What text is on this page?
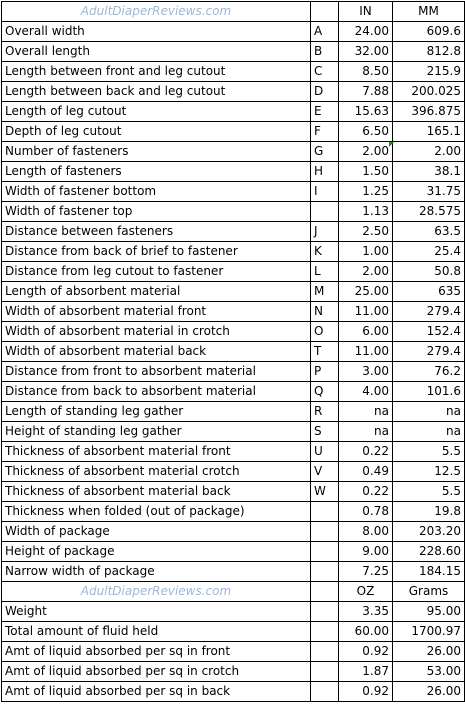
AdultDiaperReviews.com		IN	MM
Overall width	A	24.00	609.6
Overall length	B	32.00	812.8
Length between front and leg cutout	C	8.50	215.9
Length between back and leg cutout	D	7.88	200.025
Length of leg cutout	E	15.63	396.875
Depth of leg cutout	F	6.50	165.1
Number of fasteners	G	2.00	2.00
Length of fasteners	H	1.50	38.1
Width of fastener bottom	I	1.25	31.75
Width of fastener top		1.13	28.575
Distance between fasteners	J	2.50	63.5
Distance from back of brief to fastener	K	1.00	25.4
Distance from leg cutout to fastener	L	2.00	50.8
Length of absorbent material	M	25.00	635
Width of absorbent material front	N	11.00	279.4
Width of absorbent material in crotch	O	6.00	152.4
Width of absorbent material back	T	11.00	279.4
Distance from front to absorbent material	P	3.00	76.2
Distance from back to absorbent material	Q	4.00	101.6
Length of standing leg gather	R	na	na
Height of standing leg gather	S	na	na
Thickness of absorbent material front	U	0.22	5.5
Thickness of absorbent material crotch	V	0.49	12.5
Thickness of absorbent material back	W	0.22	5.5
Thickness when folded (out of package)		0.78	19.8
Width of package		8.00	203.20
Height of package		9.00	228.60
Narrow width of package		7.25	184.15
AdultDiaperReviews.com		OZ	Grams
Weight		3.35	95.00
Total amount of fluid held		60.00	1700.97
Amt of liquid absorbed per sq in front		0.92	26.00
Amt of liquid absorbed per sq in crotch		1.87	53.00
Amt of liquid absorbed per sq in back		0.92	26.00
